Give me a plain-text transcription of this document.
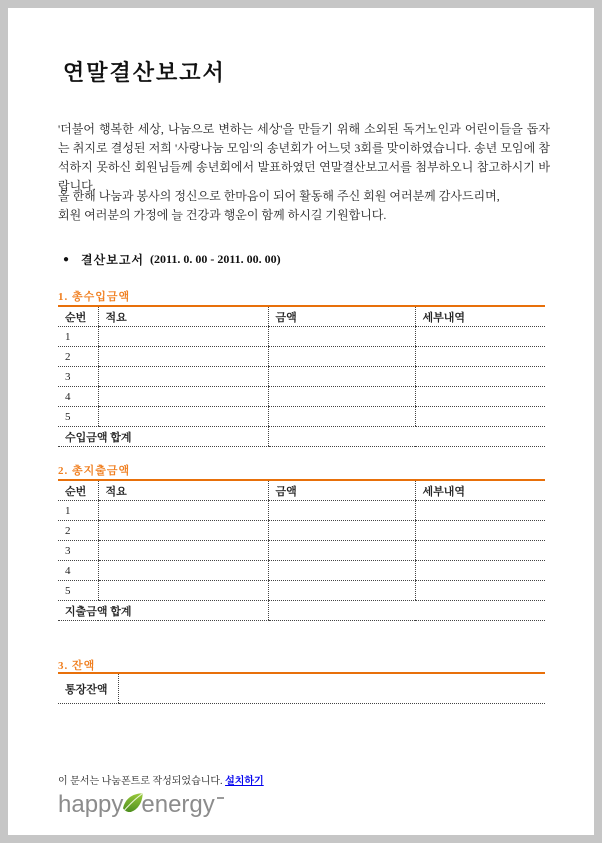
연말결산보고서
'더불어 행복한 세상, 나눔으로 변하는 세상'을 만들기 위해 소외된 독거노인과 어린이들을 돕자는 취지로 결성된 저희 '사랑나눔 모임'의 송년회가 어느덧 3회를 맞이하였습니다. 송년 모임에 참석하지 못하신 회원님들께 송년회에서 발표하였던 연말결산보고서를 첨부하오니 참고하시기 바랍니다.
올 한해 나눔과 봉사의 정신으로 한마음이 되어 활동해 주신 회원 여러분께 감사드리며,
회원 여러분의 가정에 늘 건강과 행운이 함께 하시길 기원합니다.
● 결산보고서 (2011. 0. 00 - 2011. 00. 00)
1. 총수입금액
순번	적요	금액	세부내역
1			
2			
3			
4			
5			
수입금액 합계			
2. 총지출금액
순번	적요	금액	세부내역
1			
2			
3			
4			
5			
지출금액 합계			
3. 잔액
통장잔액	
이 문서는 나눔폰트로 작성되었습니다. 설치하기
happy energy
